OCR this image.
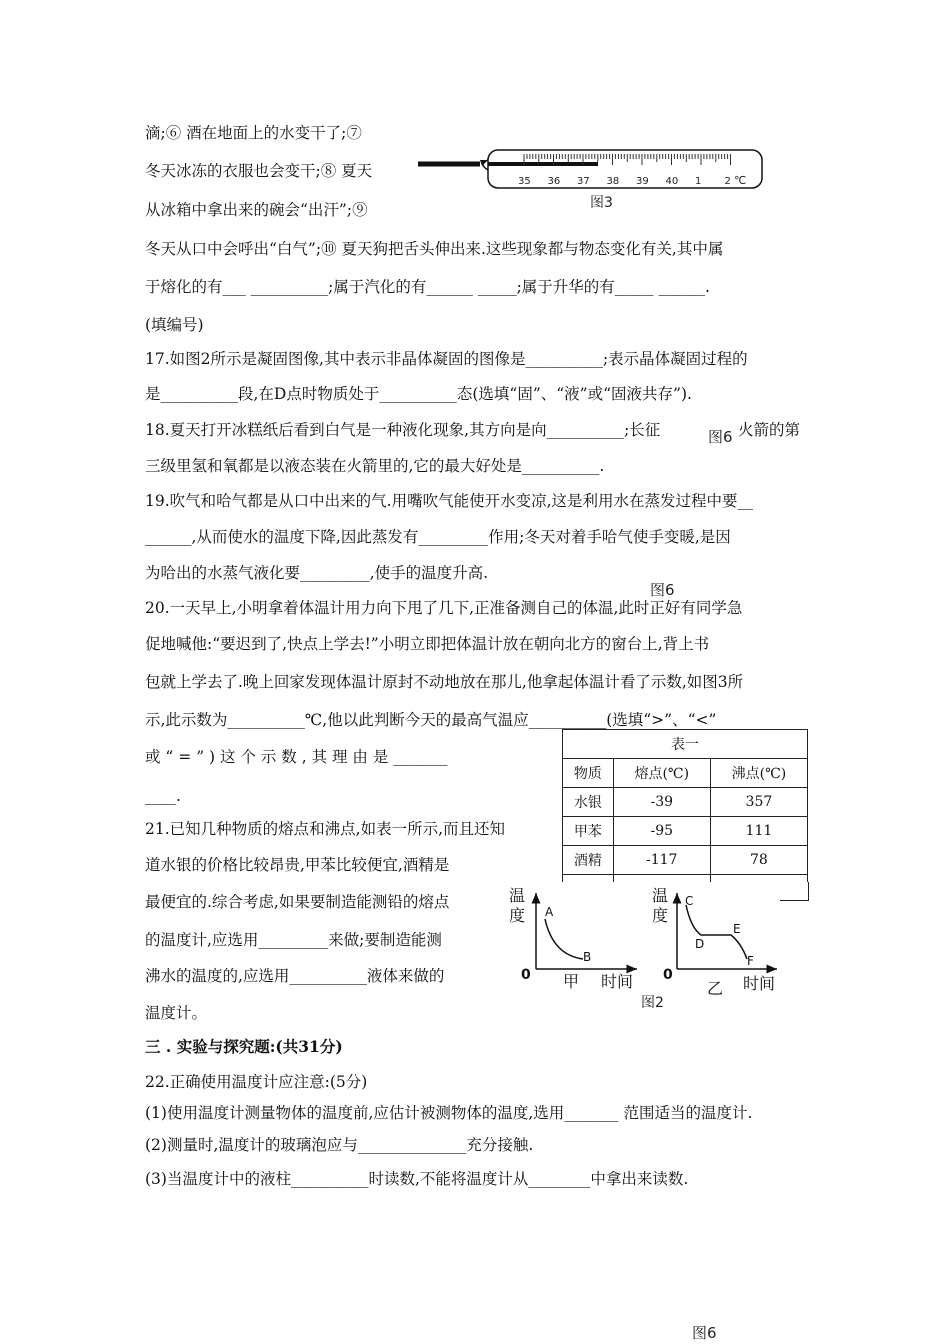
滴;⑥ 酒在地面上的水变干了;⑦
冬天冰冻的衣服也会变干;⑧ 夏天
从冰箱中拿出来的碗会“出汗”;⑨
冬天从口中会呼出“白气”;⑩ 夏天狗把舌头伸出来.这些现象都与物态变化有关,其中属
于熔化的有___ __________;属于汽化的有______ _____;属于升华的有_____ ______.
(填编号)
35 36 37 38 39 40 1 2 ℃
图3
17.如图2所示是凝固图像,其中表示非晶体凝固的图像是__________;表示晶体凝固过程的
是__________段,在D点时物质处于__________态(选填“固”、“液”或“固液共存”).
18.夏天打开冰糕纸后看到白气是一种液化现象,其方向是向__________;长征	图6 火箭的第
三级里氢和氧都是以液态装在火箭里的,它的最大好处是__________.
19.吹气和哈气都是从口中出来的气.用嘴吹气能使开水变凉,这是利用水在蒸发过程中要__
______,从而使水的温度下降,因此蒸发有_________作用;冬天对着手哈气使手变暖,是因
为哈出的水蒸气液化要_________,使手的温度升高.
图6
20.一天早上,小明拿着体温计用力向下甩了几下,正准备测自己的体温,此时正好有同学急
促地喊他:“要迟到了,快点上学去!”小明立即把体温计放在朝向北方的窗台上,背上书
包就上学去了.晚上回家发现体温计原封不动地放在那儿,他拿起体温计看了示数,如图3所
示,此示数为__________℃,他以此判断今天的最高气温应__________(选填“>”、“<”
或 “ = ” ) 这 个 示 数 , 其 理 由 是 _______
____.
表一		
物质	熔点(℃)	沸点(℃)
水银	-39	357
甲苯	-95	111
酒精	-117	78

21.已知几种物质的熔点和沸点,如表一所示,而且还知
道水银的价格比较昂贵,甲苯比较便宜,酒精是
最便宜的.综合考虑,如果要制造能测铅的熔点
的温度计,应选用_________来做;要制造能测
沸水的温度的,应选用__________液体来做的
温度计。
温
度
0
A
B
甲 时间
温
度
0
C
D
E
F
乙 时间
图2
三 . 实验与探究题:(共31分)
22.正确使用温度计应注意:(5分)
(1)使用温度计测量物体的温度前,应估计被测物体的温度,选用_______ 范围适当的温度计.
(2)测量时,温度计的玻璃泡应与______________充分接触.
(3)当温度计中的液柱__________时读数,不能将温度计从________中拿出来读数.
图6
